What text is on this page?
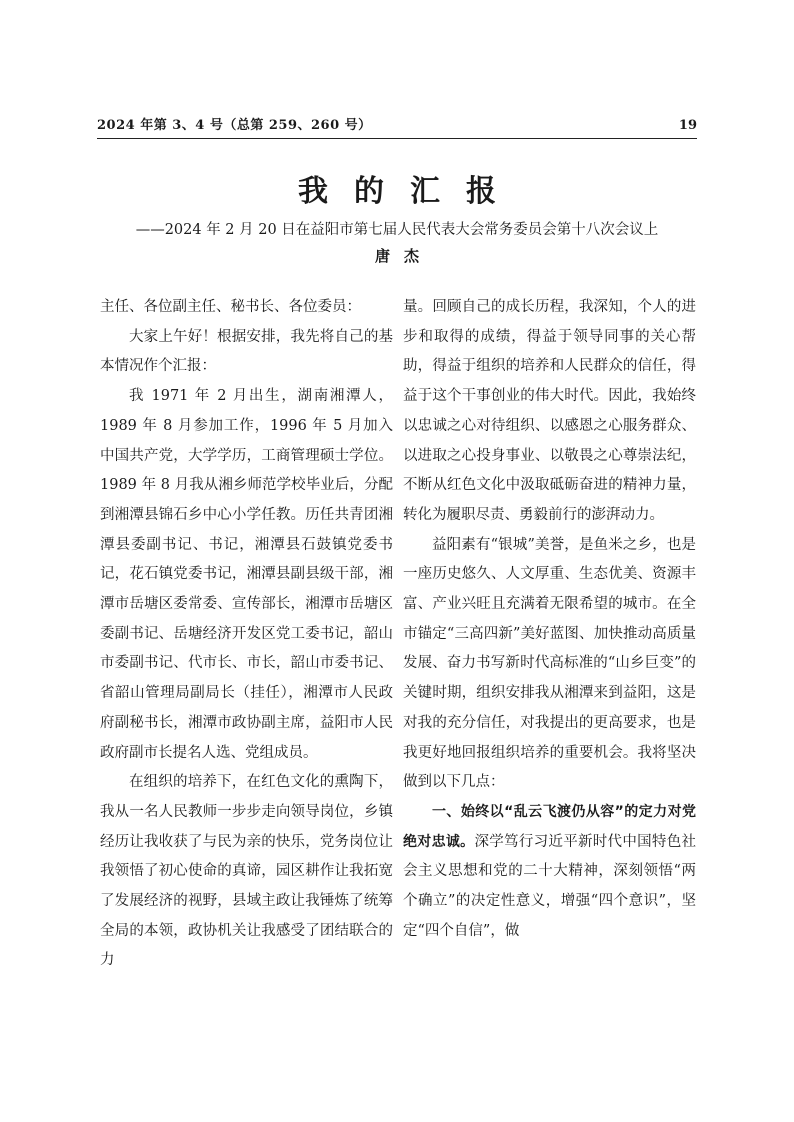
2024 年第 3、4 号（总第 259、260 号）	19
我的汇报
——2024 年 2 月 20 日在益阳市第七届人民代表大会常务委员会第十八次会议上
唐杰

主任、各位副主任、秘书长、各位委员：

大家上午好！根据安排，我先将自己的基本情况作个汇报：

我 1971 年 2 月出生，湖南湘潭人，1989 年 8 月参加工作，1996 年 5 月加入中国共产党，大学学历，工商管理硕士学位。1989 年 8 月我从湘乡师范学校毕业后，分配到湘潭县锦石乡中心小学任教。历任共青团湘潭县委副书记、书记，湘潭县石鼓镇党委书记，花石镇党委书记，湘潭县副县级干部，湘潭市岳塘区委常委、宣传部长，湘潭市岳塘区委副书记、岳塘经济开发区党工委书记，韶山市委副书记、代市长、市长，韶山市委书记、省韶山管理局副局长（挂任），湘潭市人民政府副秘书长，湘潭市政协副主席，益阳市人民政府副市长提名人选、党组成员。

在组织的培养下，在红色文化的熏陶下，我从一名人民教师一步步走向领导岗位，乡镇经历让我收获了与民为亲的快乐，党务岗位让我领悟了初心使命的真谛，园区耕作让我拓宽了发展经济的视野，县域主政让我锤炼了统筹全局的本领，政协机关让我感受了团结联合的力

量。回顾自己的成长历程，我深知，个人的进步和取得的成绩，得益于领导同事的关心帮助，得益于组织的培养和人民群众的信任，得益于这个干事创业的伟大时代。因此，我始终以忠诚之心对待组织、以感恩之心服务群众、以进取之心投身事业、以敬畏之心尊崇法纪，不断从红色文化中汲取砥砺奋进的精神力量，转化为履职尽责、勇毅前行的澎湃动力。

益阳素有“银城”美誉，是鱼米之乡，也是一座历史悠久、人文厚重、生态优美、资源丰富、产业兴旺且充满着无限希望的城市。在全市锚定“三高四新”美好蓝图、加快推动高质量发展、奋力书写新时代高标准的“山乡巨变”的关键时期，组织安排我从湘潭来到益阳，这是对我的充分信任，对我提出的更高要求，也是我更好地回报组织培养的重要机会。我将坚决做到以下几点：

一、始终以“乱云飞渡仍从容”的定力对党绝对忠诚。深学笃行习近平新时代中国特色社会主义思想和党的二十大精神，深刻领悟“两个确立”的决定性意义，增强“四个意识”，坚定“四个自信”，做
